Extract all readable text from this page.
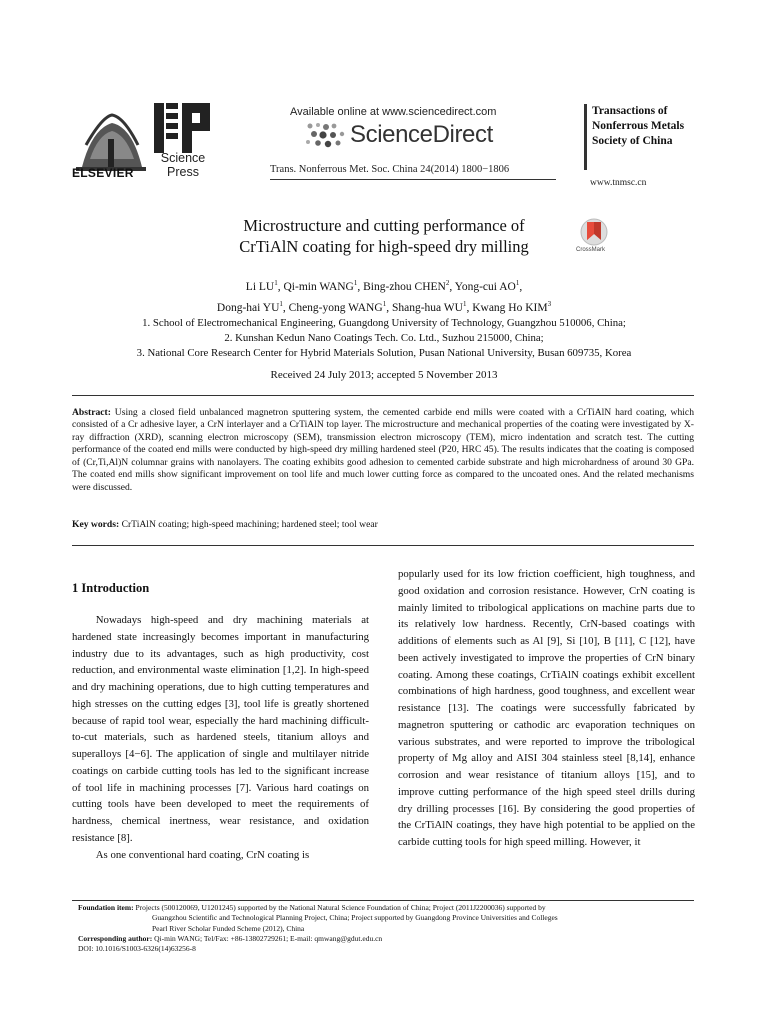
ELSEVIER
Science
Press
Available online at www.sciencedirect.com
ScienceDirect
Trans. Nonferrous Met. Soc. China 24(2014) 1800−1806
Transactions of
Nonferrous Metals
Society of China
www.tnmsc.cn
Microstructure and cutting performance of
CrTiAlN coating for high-speed dry milling	CrossMark
Li $LU^1$, Qi-min WANG$^1$, Bing-zhou CHEN$^2$, Yong-cui $AO^1$,
Dong-hai $YU^1$, Cheng-yong WANG$^1$, Shang-hua $WU^1$, Kwang Ho KIM$^3$
1. School of Electromechanical Engineering, Guangdong University of Technology, Guangzhou 510006, China;
2. Kunshan Kedun Nano Coatings Tech. Co. Ltd., Suzhou 215000, China;
3. National Core Research Center for Hybrid Materials Solution, Pusan National University, Busan 609735, Korea
Received 24 July 2013; accepted 5 November 2013
Abstract: Using a closed field unbalanced magnetron sputtering system, the cemented carbide end mills were coated with a CrTiAlN hard coating, which consisted of a Cr adhesive layer, a CrN interlayer and a CrTiAlN top layer. The microstructure and mechanical properties of the coating were investigated by X-ray diffraction (XRD), scanning electron microscopy (SEM), transmission electron microscopy (TEM), micro indentation and scratch test. The cutting performance of the coated end mills were conducted by high-speed dry milling hardened steel (P20, HRC 45). The results indicates that the coating is composed of (Cr,Ti,Al)N columnar grains with nanolayers. The coating exhibits good adhesion to cemented carbide substrate and high microhardness of around 30 GPa. The coated end mills show significant improvement on tool life and much lower cutting force as compared to the uncoated ones. And the related mechanisms were discussed.
Key words: CrTiAlN coating; high-speed machining; hardened steel; tool wear
1 Introduction

Nowadays high-speed and dry machining materials at hardened state increasingly becomes important in manufacturing industry due to its advantages, such as high productivity, cost reduction, and environmental waste elimination [1,2]. In high-speed and dry machining operations, due to high cutting temperatures and high stresses on the cutting edges [3], tool life is greatly shortened because of rapid tool wear, especially the hard machining difficult-to-cut materials, such as hardened steels, titanium alloys and superalloys [4−6]. The application of single and multilayer nitride coatings on carbide cutting tools has led to the significant increase of tool life in machining processes [7]. Various hard coatings on cutting tools have been developed to meet the requirements of hardness, chemical inertness, wear resistance, and oxidation resistance [8].

As one conventional hard coating, CrN coating is

popularly used for its low friction coefficient, high toughness, and good oxidation and corrosion resistance. However, CrN coating is mainly limited to tribological applications on machine parts due to its relatively low hardness. Recently, CrN-based coatings with additions of elements such as Al [9], Si [10], B [11], C [12], have been actively investigated to improve the properties of CrN binary coating. Among these coatings, CrTiAlN coatings exhibit excellent combinations of high hardness, good toughness, and excellent wear resistance [13]. The coatings were successfully fabricated by magnetron sputtering or cathodic arc evaporation techniques on various substrates, and were reported to improve the tribological property of Mg alloy and AISI 304 stainless steel [8,14], enhance corrosion and wear resistance of titanium alloys [15], and to improve cutting performance of the high speed steel drills during dry drilling processes [16]. By considering the good properties of the CrTiAlN coatings, they have high potential to be applied on the carbide cutting tools for high speed milling. However, it

Foundation item: Projects (500120069, U1201245) supported by the National Natural Science Foundation of China; Project (2011J2200036) supported by

Guangzhou Scientific and Technological Planning Project, China; Project supported by Guangdong Province Universities and Colleges

Pearl River Scholar Funded Scheme (2012), China

Corresponding author: Qi-min WANG; Tel/Fax: +86-13802729261; E-mail: qmwang@gdut.edu.cn

DOI: 10.1016/S1003-6326(14)63256-8
